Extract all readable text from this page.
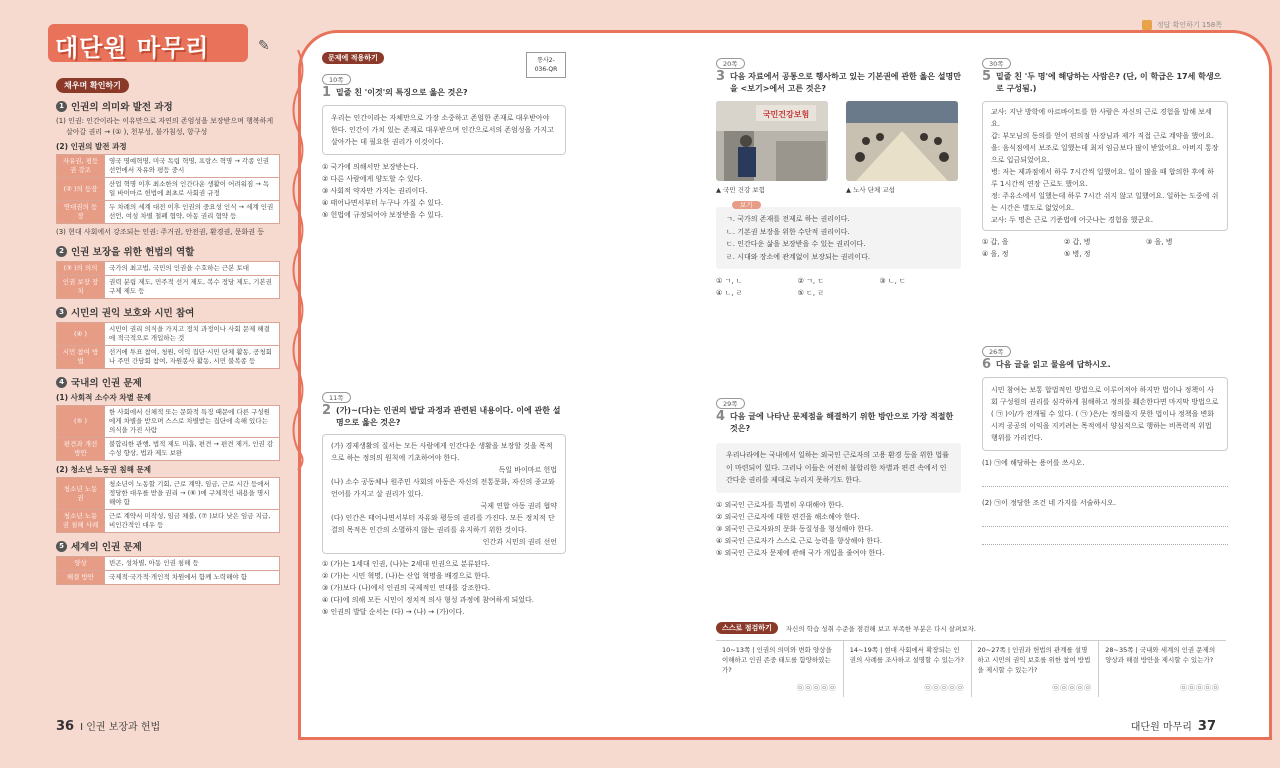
정답 확인하기 158쪽
대단원 마무리	✎
채우며 확인하기
1 인권의 의미와 발전 과정
(1) 인권: 인간이라는 이유만으로 자연의 존엄성을 보장받으며 행복하게
살아갈 권리 → (① ), 천부성, 불가침성, 항구성
(2) 인권의 발전 과정
자유권, 평등권 강조	영국 명예혁명, 미국 독립 혁명, 프랑스 혁명 → 각종 인권 선언에서 자유와 평등 중시
(② )의 등장	산업 혁명 이후 최소한의 인간다운 생활이 어려워짐 → 독일 바이마르 헌법에 최초로 사회권 규정
연대권의 등장	두 차례의 세계 대전 이후 인권의 중요성 인식 → 세계 인권 선언, 여성 차별 철폐 협약, 아동 권리 협약 등
(3) 현대 사회에서 강조되는 인권: 주거권, 안전권, 환경권, 문화권 등
2 인권 보장을 위한 헌법의 역할
(③ )의 의의	국가의 최고법, 국민의 인권을 수호하는 근본 토대
인권 보장 장치	권력 분립 제도, 민주적 선거 제도, 복수 정당 제도, 기본권 구제 제도 등
3 시민의 권익 보호와 시민 참여
(④ )	시민이 권리 의식을 가지고 정치 과정이나 사회 문제 해결에 적극적으로 개입하는 것
시민 참여 방법	선거에 투표 참여, 청원, 이익 집단·시민 단체 활동, 공청회나 주민 간담회 참여, 자원봉사 활동, 시민 불복종 등
4 국내의 인권 문제
(1) 사회적 소수자 차별 문제
(⑤ )	한 사회에서 신체적 또는 문화적 특징 때문에 다른 구성원에게 차별을 받으며 스스로 차별받는 집단에 속해 있다는 의식을 가진 사람
편견과 개선 방안	불합리한 관행, 법적 제도 미흡, 편견 → 편견 제거, 인권 감수성 향상, 법과 제도 보완
(2) 청소년 노동권 침해 문제
청소년 노동권	청소년이 노동할 기회, 근로 계약, 임금, 근로 시간 등에서 정당한 대우를 받을 권리 → (⑥ )에 구체적인 내용을 명시해야 함
청소년 노동권 침해 사례	근로 계약서 미작성, 임금 체불, (⑦ )보다 낮은 임금 지급, 비인간적인 대우 등
5 세계의 인권 문제
양상	빈곤, 성차별, 아동 인권 침해 등
해결 방안	국제적·국가적·개인적 차원에서 함께 노력해야 함
문제에 적용하기	통사2-036-QR
10쪽
1 밑줄 친 '이것'의 특징으로 옳은 것은?
우리는 인간이라는 자체만으로 가장 소중하고 존엄한 존재로 대우받아야 한다. 인간이 가치 있는 존재로 대우받으며 인간으로서의 존엄성을 가지고 살아가는 데 필요한 권리가 이것이다.
① 국가에 의해서만 보장받는다.
② 다른 사람에게 양도할 수 있다.
③ 사회적 약자만 가지는 권리이다.
④ 태어나면서부터 누구나 가질 수 있다.
⑤ 헌법에 규정되어야 보장받을 수 있다.
11쪽
2 (가)~(다)는 인권의 발달 과정과 관련된 내용이다. 이에 관한 설명으로 옳은 것은?
(가) 경제생활의 질서는 모든 사람에게 인간다운 생활을 보장할 것을 목적으로 하는 정의의 원칙에 기초하여야 한다.
독일 바이마르 헌법
(나) 소수 공동체나 원주민 사회의 아동은 자신의 전통문화, 자신의 종교와 언어를 가지고 살 권리가 있다.
국제 연합 아동 권리 협약
(다) 인간은 태어나면서부터 자유와 평등의 권리를 가진다. 모든 정치적 단결의 목적은 인간의 소멸하지 않는 권리를 유지하기 위한 것이다.
인간과 시민의 권리 선언
① (가)는 1세대 인권, (나)는 2세대 인권으로 분류된다.
② (가)는 시민 혁명, (나)는 산업 혁명을 배경으로 한다.
③ (가)보다 (나)에서 인권의 국제적인 연대를 강조한다.
④ (다)에 의해 모든 시민이 정치적 의사 형성 과정에 참여하게 되었다.
⑤ 인권의 발달 순서는 (다) → (나) → (가)이다.
20쪽
3 다음 자료에서 공통으로 행사하고 있는 기본권에 관한 옳은 설명만을 <보기>에서 고른 것은?
국민건강보험
▲ 국민 건강 보험	▲ 노사 단체 교섭
보기
ㄱ. 국가의 존재를 전제로 하는 권리이다.
ㄴ. 기본권 보장을 위한 수단적 권리이다.
ㄷ. 인간다운 삶을 보장받을 수 있는 권리이다.
ㄹ. 시대와 장소에 관계없이 보장되는 권리이다.
① ㄱ, ㄴ	② ㄱ, ㄷ	③ ㄴ, ㄷ
④ ㄴ, ㄹ	⑤ ㄷ, ㄹ
29쪽
4 다음 글에 나타난 문제점을 해결하기 위한 방안으로 가장 적절한 것은?
우리나라에는 국내에서 일하는 외국인 근로자의 고용 환경 등을 위한 법률이 마련되어 있다. 그러나 이들은 여전히 불합리한 차별과 편견 속에서 인간다운 권리를 제대로 누리지 못하기도 한다.
① 외국인 근로자를 특별히 우대해야 한다.
② 외국인 근로자에 대한 편견을 해소해야 한다.
③ 외국인 근로자와의 문화 동질성을 형성해야 한다.
④ 외국인 근로자가 스스로 근로 능력을 향상해야 한다.
⑤ 외국인 근로자 문제에 관해 국가 개입을 줄여야 한다.
30쪽
5 밑줄 친 '두 명'에 해당하는 사람은? (단, 이 학급은 17세 학생으로 구성됨.)
교사: 지난 방학에 아르바이트를 한 사람은 자신의 근로 경험을 말해 보세요.
갑: 부모님의 동의를 얻어 편의점 사장님과 제가 직접 근로 계약을 했어요.
을: 음식점에서 보조로 일했는데 최저 임금보다 많이 받았어요. 아버지 통장으로 입금되었어요.
병: 저는 제과점에서 하루 7시간씩 일했어요. 일이 많을 때 합의한 후에 하루 1시간씩 연장 근로도 했어요.
정: 주유소에서 일했는데 하루 7시간 쉬지 않고 일했어요. 일하는 도중에 쉬는 시간은 별도로 없었어요.
교사: 두 명은 근로 기준법에 어긋나는 경험을 했군요.
① 갑, 을	② 갑, 병	③ 을, 병
④ 을, 정	⑤ 병, 정
26쪽
6 다음 글을 읽고 물음에 답하시오.
시민 참여는 보통 합법적인 방법으로 이루어져야 하지만 법이나 정책이 사회 구성원의 권리를 심각하게 침해하고 정의를 훼손한다면 마지막 방법으로 ( ㉠ )이/가 전개될 수 있다. ( ㉠ )은/는 정의롭지 못한 법이나 정책을 변화시켜 공공의 이익을 지키려는 목적에서 양심적으로 행하는 비폭력적 위법 행위를 가리킨다.
(1) ㉠에 해당하는 용어를 쓰시오.
(2) ㉠이 정당한 조건 네 가지를 서술하시오.
스스로 점검하기	자신의 학습 성취 수준을 점검해 보고 부족한 부분은 다시 살펴보자.
10~13쪽 | 인권의 의미와 변화 양상을 이해하고 인권 존중 태도를 함양하였는가?
㉧㉧㉧㉧㉧
14~19쪽 | 현대 사회에서 확장되는 인권의 사례를 조사하고 설명할 수 있는가?
㉧㉧㉧㉧㉧
20~27쪽 | 인권과 헌법의 관계를 설명하고 시민의 권익 보호를 위한 참여 방법을 제시할 수 있는가?
㉧㉧㉧㉧㉧
28~35쪽 | 국내와 세계의 인권 문제의 양상과 해결 방안을 제시할 수 있는가?
㉧㉧㉧㉧㉧
36 Ⅰ 인권 보장과 헌법	대단원 마무리 37
